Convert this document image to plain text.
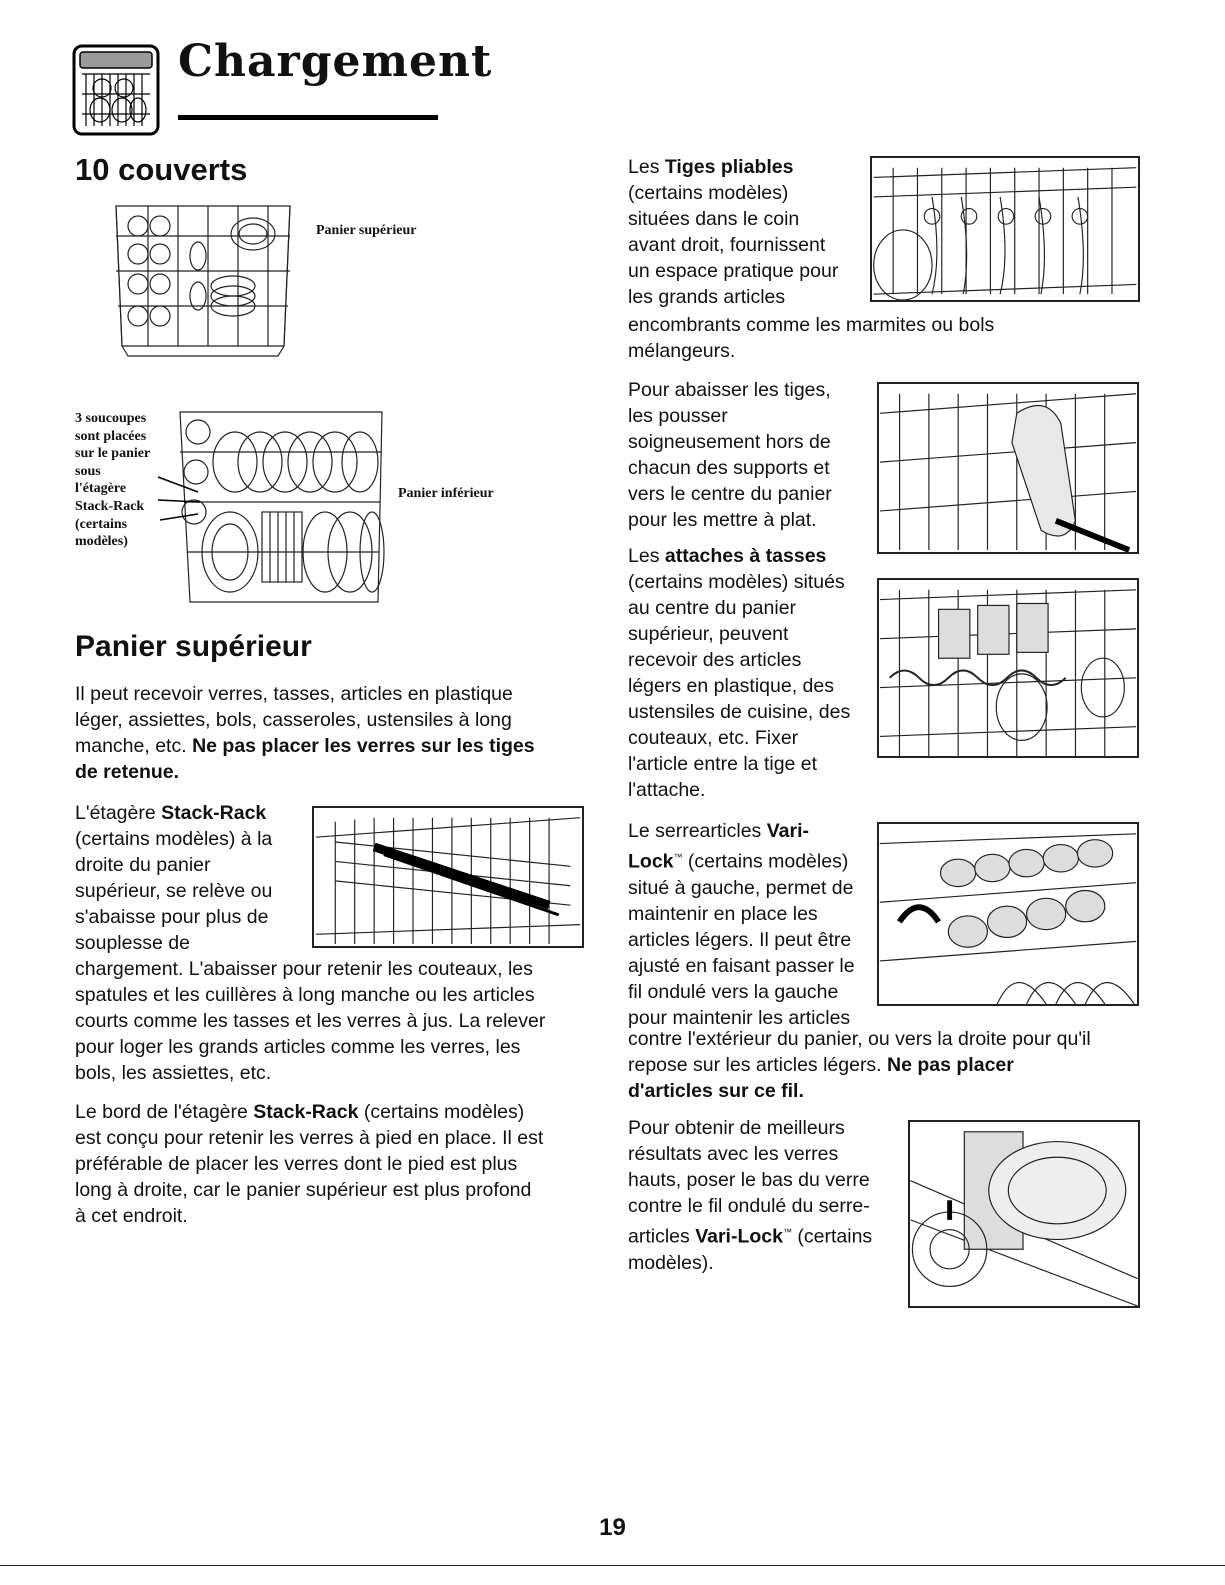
Chargement
10 couverts
Panier supérieur
3 soucoupes
sont placées
sur le panier
sous
l'étagère
Stack-Rack
(certains
modèles)
Panier inférieur
Panier supérieur

Il peut recevoir verres, tasses, articles en plastique

léger, assiettes, bols, casseroles, ustensiles à long

manche, etc. Ne pas placer les verres sur les tiges

de retenue.

L'étagère Stack-Rack

(certains modèles) à la

droite du panier

supérieur, se relève ou

s'abaisse pour plus de

souplesse de

chargement. L'abaisser pour retenir les couteaux, les

spatules et les cuillères à long manche ou les articles

courts comme les tasses et les verres à jus. La relever

pour loger les grands articles comme les verres, les

bols, les assiettes, etc.

Le bord de l'étagère Stack-Rack (certains modèles)

est conçu pour retenir les verres à pied en place. Il est

préférable de placer les verres dont le pied est plus

long à droite, car le panier supérieur est plus profond

à cet endroit.

Les Tiges pliables

(certains modèles)

situées dans le coin

avant droit, fournissent

un espace pratique pour

les grands articles

encombrants comme les marmites ou bols

mélangeurs.

Pour abaisser les tiges,

les pousser

soigneusement hors de

chacun des supports et

vers le centre du panier

pour les mettre à plat.

Les attaches à tasses

(certains modèles) situés

au centre du panier

supérieur, peuvent

recevoir des articles

légers en plastique, des

ustensiles de cuisine, des

couteaux, etc. Fixer

l'article entre la tige et

l'attache.

Le serrearticles Vari-

Lock™ (certains modèles)

situé à gauche, permet de

maintenir en place les

articles légers. Il peut être

ajusté en faisant passer le

fil ondulé vers la gauche

pour maintenir les articles

contre l'extérieur du panier, ou vers la droite pour qu'il

repose sur les articles légers. Ne pas placer

d'articles sur ce fil.

Pour obtenir de meilleurs

résultats avec les verres

hauts, poser le bas du verre

contre le fil ondulé du serre-

articles Vari-Lock™ (certains

modèles).

19
